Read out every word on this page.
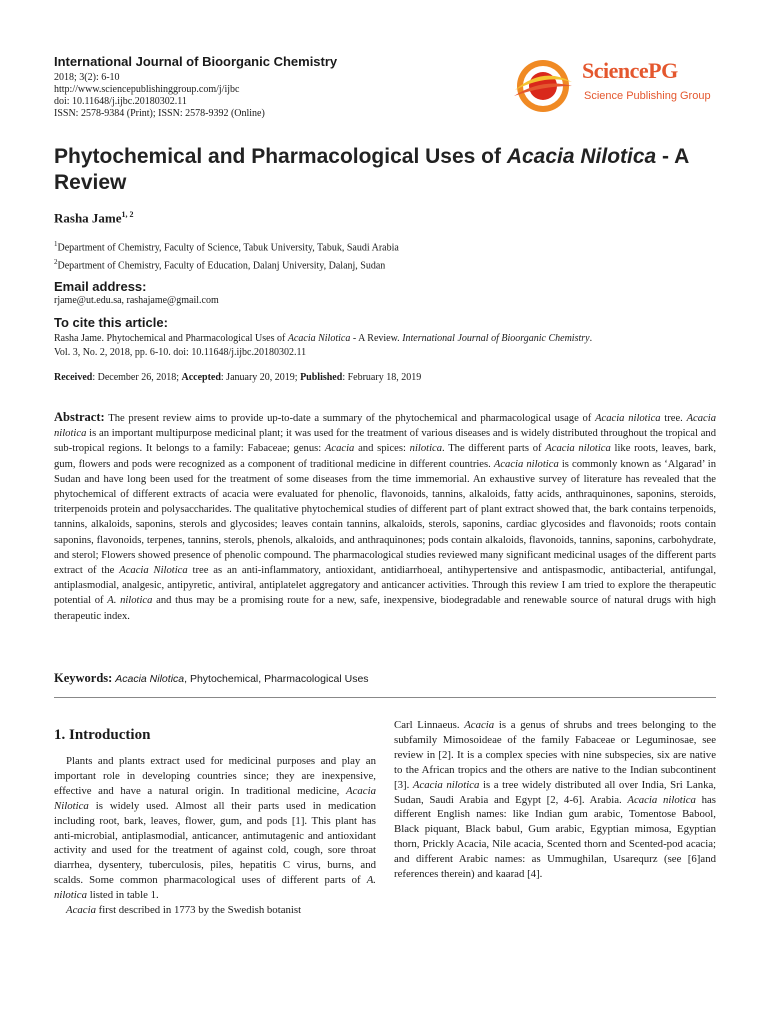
International Journal of Bioorganic Chemistry
2018; 3(2): 6-10
http://www.sciencepublishinggroup.com/j/ijbc
doi: 10.11648/j.ijbc.20180302.11
ISSN: 2578-9384 (Print); ISSN: 2578-9392 (Online)
SciencePG
Science Publishing Group
Phytochemical and Pharmacological Uses of Acacia Nilotica - A Review
Rasha Jame$^{1, 2}$
$^1$Department of Chemistry, Faculty of Science, Tabuk University, Tabuk, Saudi Arabia
$^2$Department of Chemistry, Faculty of Education, Dalanj University, Dalanj, Sudan
Email address:
rjame@ut.edu.sa, rashajame@gmail.com
To cite this article:
Rasha Jame. Phytochemical and Pharmacological Uses of Acacia Nilotica - A Review. International Journal of Bioorganic Chemistry.
Vol. 3, No. 2, 2018, pp. 6-10. doi: 10.11648/j.ijbc.20180302.11
Received: December 26, 2018; Accepted: January 20, 2019; Published: February 18, 2019
Abstract: The present review aims to provide up-to-date a summary of the phytochemical and pharmacological usage of Acacia nilotica tree. Acacia nilotica is an important multipurpose medicinal plant; it was used for the treatment of various diseases and is widely distributed throughout the tropical and sub-tropical regions. It belongs to a family: Fabaceae; genus: Acacia and spices: nilotica. The different parts of Acacia nilotica like roots, leaves, bark, gum, flowers and pods were recognized as a component of traditional medicine in different countries. Acacia nilotica is commonly known as ‘Algarad’ in Sudan and have long been used for the treatment of some diseases from the time immemorial. An exhaustive survey of literature has revealed that the phytochemical of different extracts of acacia were evaluated for phenolic, flavonoids, tannins, alkaloids, fatty acids, anthraquinones, saponins, steroids, triterpenoids protein and polysaccharides. The qualitative phytochemical studies of different part of plant extract showed that, the bark contains terpenoids, tannins, alkaloids, saponins, sterols and glycosides; leaves contain tannins, alkaloids, sterols, saponins, cardiac glycosides and flavonoids; roots contain saponins, flavonoids, terpenes, tannins, sterols, phenols, alkaloids, and anthraquinones; pods contain alkaloids, flavonoids, tannins, saponins, carbohydrate, and sterol; Flowers showed presence of phenolic compound. The pharmacological studies reviewed many significant medicinal usages of the different parts extract of the Acacia Nilotica tree as an anti-inflammatory, antioxidant, antidiarrhoeal, antihypertensive and antispasmodic, antibacterial, antifungal, antiplasmodial, analgesic, antipyretic, antiviral, antiplatelet aggregatory and anticancer activities. Through this review I am tried to explore the therapeutic potential of A. nilotica and thus may be a promising route for a new, safe, inexpensive, biodegradable and renewable source of natural drugs with high therapeutic index.
Keywords: Acacia Nilotica, Phytochemical, Pharmacological Uses
1. Introduction

Plants and plants extract used for medicinal purposes and play an important role in developing countries since; they are inexpensive, effective and have a natural origin. In traditional medicine, Acacia Nilotica is widely used. Almost all their parts used in medication including root, bark, leaves, flower, gum, and pods [1]. This plant has anti-microbial, antiplasmodial, anticancer, antimutagenic and antioxidant activity and used for the treatment of against cold, cough, sore throat diarrhea, dysentery, tuberculosis, piles, hepatitis C virus, burns, and scalds. Some common pharmacological uses of different parts of A. nilotica listed in table 1.

Acacia first described in 1773 by the Swedish botanist

Carl Linnaeus. Acacia is a genus of shrubs and trees belonging to the subfamily Mimosoideae of the family Fabaceae or Leguminosae, see review in [2]. It is a complex species with nine subspecies, six are native to the African tropics and the others are native to the Indian subcontinent [3]. Acacia nilotica is a tree widely distributed all over India, Sri Lanka, Sudan, Saudi Arabia and Egypt [2, 4-6]. Arabia. Acacia nilotica has different English names: like Indian gum arabic, Tomentose Babool, Black piquant, Black babul, Gum arabic, Egyptian mimosa, Egyptian thorn, Prickly Acacia, Nile acacia, Scented thorn and Scented-pod acacia; and different Arabic names: as Ummughilan, Usarequrz (see [6]and references therein) and kaarad [4].
